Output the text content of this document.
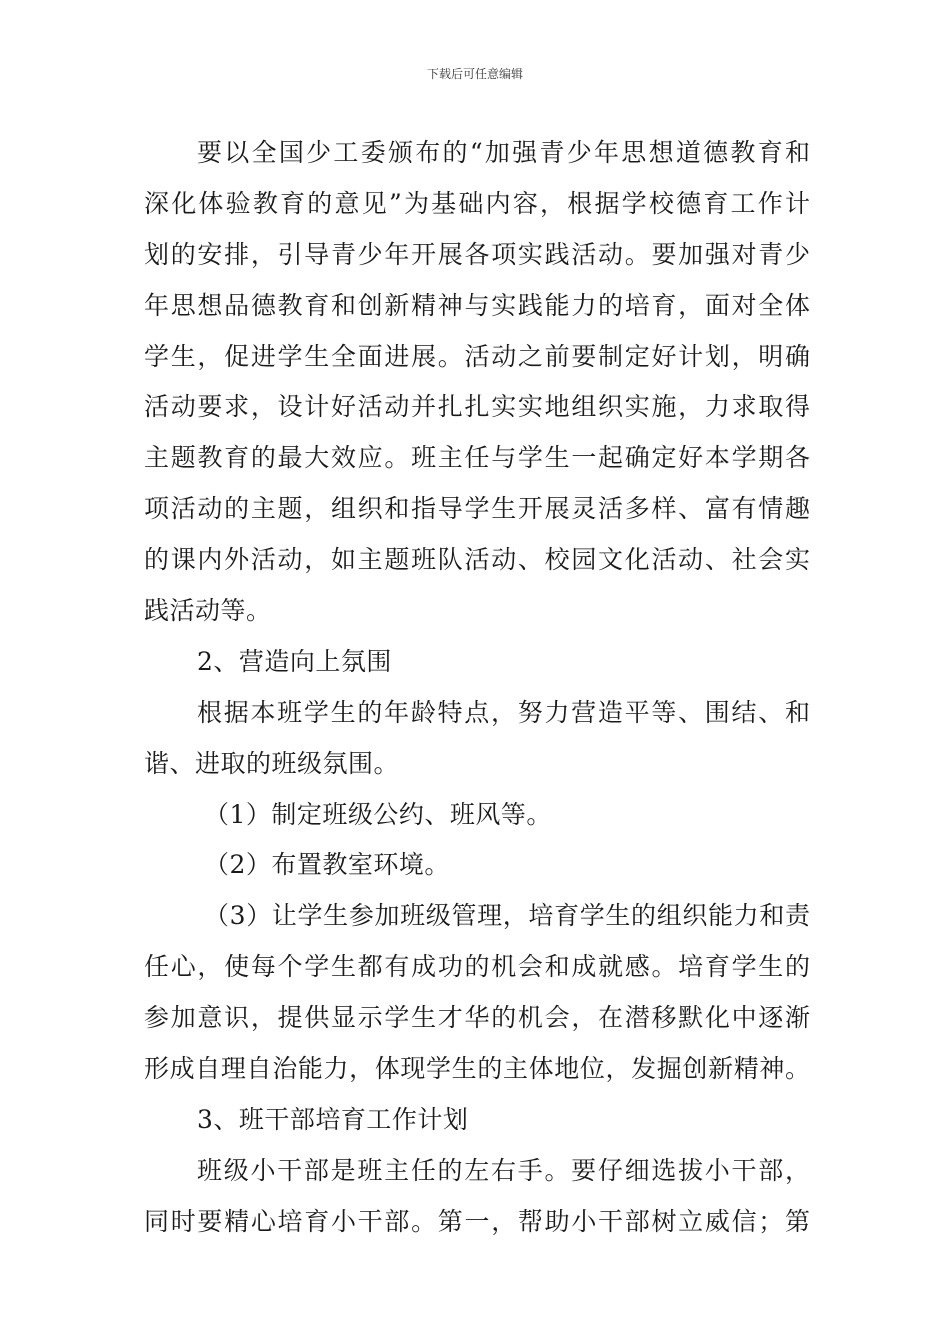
下载后可任意编辑
要以全国少工委颁布的“加强青少年思想道德教育和
深化体验教育的意见”为基础内容，根据学校德育工作计
划的安排，引导青少年开展各项实践活动。要加强对青少
年思想品德教育和创新精神与实践能力的培育，面对全体
学生，促进学生全面进展。活动之前要制定好计划，明确
活动要求，设计好活动并扎扎实实地组织实施，力求取得
主题教育的最大效应。班主任与学生一起确定好本学期各
项活动的主题，组织和指导学生开展灵活多样、富有情趣
的课内外活动，如主题班队活动、校园文化活动、社会实
践活动等。
2、营造向上氛围
根据本班学生的年龄特点，努力营造平等、围结、和
谐、进取的班级氛围。
（1）制定班级公约、班风等。
（2）布置教室环境。
（3）让学生参加班级管理，培育学生的组织能力和责
任心，使每个学生都有成功的机会和成就感。培育学生的
参加意识，提供显示学生才华的机会，在潜移默化中逐渐
形成自理自治能力，体现学生的主体地位，发掘创新精神。
3、班干部培育工作计划
班级小干部是班主任的左右手。要仔细选拔小干部，
同时要精心培育小干部。第一，帮助小干部树立威信；第
